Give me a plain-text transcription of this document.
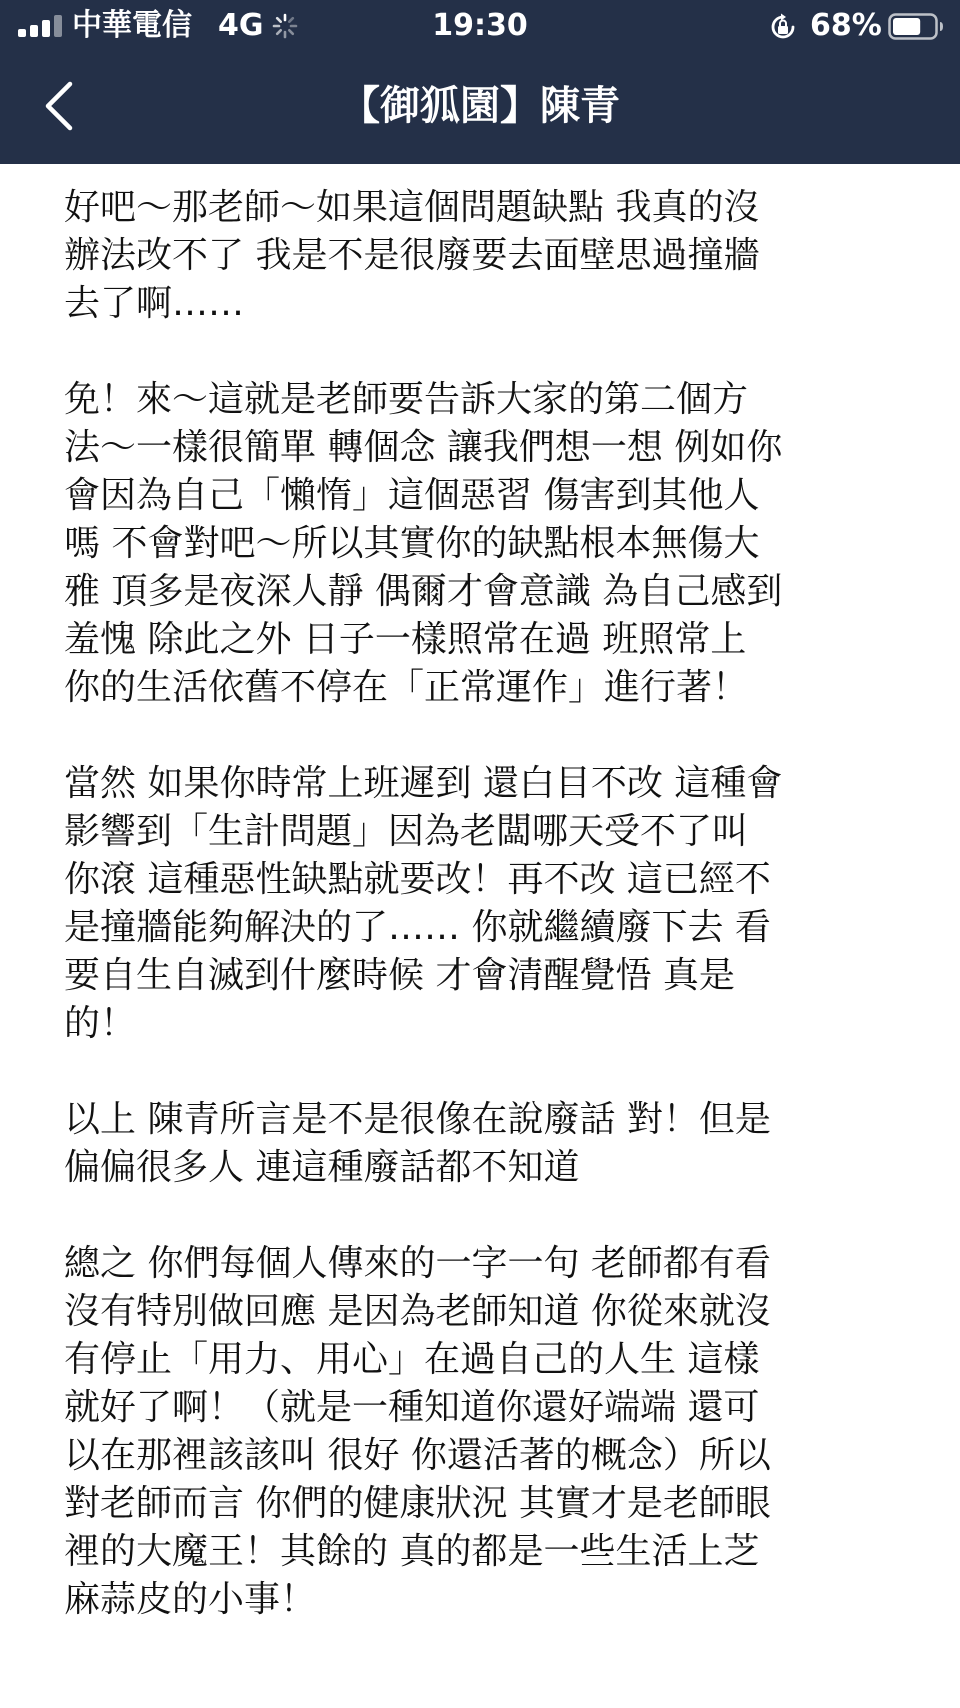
中華電信 4G	19:30	68%
【御狐園】陳青

好吧～那老師～如果這個問題缺點 我真的沒
辦法改不了 我是不是很廢要去面壁思過撞牆
去了啊……

免！來～這就是老師要告訴大家的第二個方
法～一樣很簡單 轉個念 讓我們想一想 例如你
會因為自己「懶惰」這個惡習 傷害到其他人
嗎 不會對吧～所以其實你的缺點根本無傷大
雅 頂多是夜深人靜 偶爾才會意識 為自己感到
羞愧 除此之外 日子一樣照常在過 班照常上
你的生活依舊不停在「正常運作」進行著！

當然 如果你時常上班遲到 還白目不改 這種會
影響到「生計問題」因為老闆哪天受不了叫
你滾 這種惡性缺點就要改！再不改 這已經不
是撞牆能夠解決的了…… 你就繼續廢下去 看
要自生自滅到什麼時候 才會清醒覺悟 真是
的！

以上 陳青所言是不是很像在說廢話 對！但是
偏偏很多人 連這種廢話都不知道

總之 你們每個人傳來的一字一句 老師都有看
沒有特別做回應 是因為老師知道 你從來就沒
有停止「用力、用心」在過自己的人生 這樣
就好了啊！（就是一種知道你還好端端 還可
以在那裡該該叫 很好 你還活著的概念）所以
對老師而言 你們的健康狀況 其實才是老師眼
裡的大魔王！其餘的 真的都是一些生活上芝
麻蒜皮的小事！
